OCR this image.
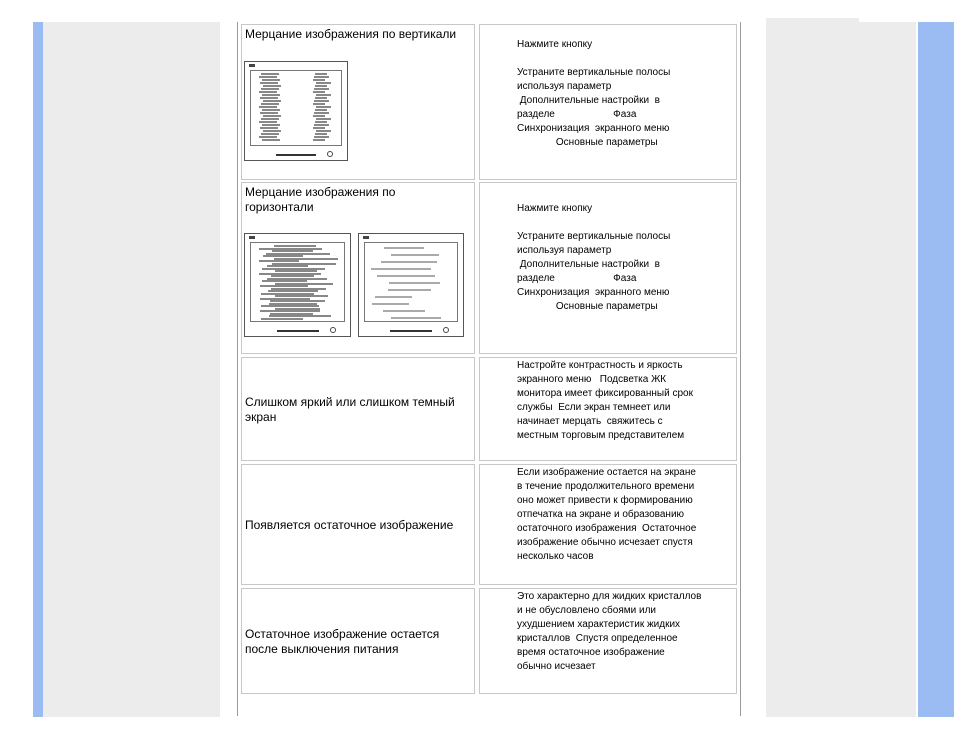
Мерцание изображения по вертикали
Нажмите кнопку

Устраните вертикальные полосы
используя параметр
Дополнительные настройки  в
разделе                     Фаза
Синхронизация  экранного меню
Основные параметры
Мерцание изображения по горизонтали	Нажмите кнопку

Устраните вертикальные полосы
используя параметр
Дополнительные настройки  в
разделе                     Фаза
Синхронизация  экранного меню
Основные параметры
Слишком яркий или слишком темный экран
Настройте контрастность и яркость
экранного меню   Подсветка ЖК
монитора имеет фиксированный срок
службы  Если экран темнеет или
начинает мерцать  свяжитесь с
местным торговым представителем
Появляется остаточное изображение
Если изображение остается на экране
в течение продолжительного времени
оно может привести к формированию
отпечатка на экране и образованию
остаточного изображения  Остаточное
изображение обычно исчезает спустя
несколько часов
Остаточное изображение остается после выключения питания
Это характерно для жидких кристаллов
и не обусловлено сбоями или
ухудшением характеристик жидких
кристаллов  Спустя определенное
время остаточное изображение
обычно исчезает
